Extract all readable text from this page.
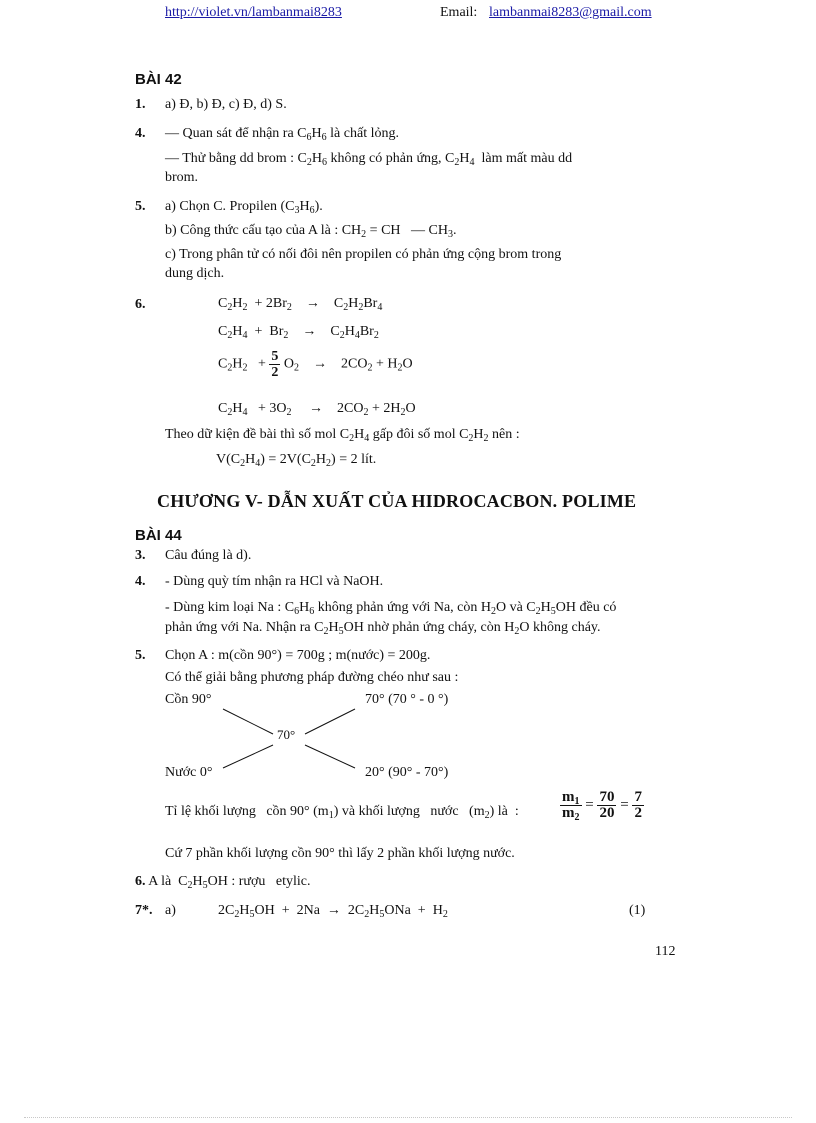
http://violet.vn/lambanmai8283	Email: lambanmai8283@gmail.com
BÀI 42
1. a) Đ, b) Đ, c) Đ, d) S.
4. — Quan sát để nhận ra $C_6H_6$ là chất lỏng.
— Thử bằng dd brom : $C_2H_6$ không có phản ứng, $C_2H_4$  làm mất màu dd
brom.
5. a) Chọn C. Propilen $(C_3H_6)$.
b) Công thức cấu tạo của A là : $CH_2$ = CH   — $CH_3$.
c) Trong phân tử có nối đôi nên propilen có phản ứng cộng brom trong
dung dịch.
6.	$C_2H_2 + 2Br_2$    →    $C_2H_2Br_4$
$C_2H_4 + Br_2$    →    $C_2H_4Br_2$
$C_2H_2 + \frac{5}{2} O_2$    →    $2CO_2 + H_2O$
$C_2H_4 + 3O_2$     →    $2CO_2 + 2H_2O$
Theo dữ kiện đề bài thì số mol $C_2H_4$ gấp đôi số mol $C_2H_2$ nên :
$V(C_2H_4) = 2V(C_2H_2) = 2$ lít.
CHƯƠNG V- DẪN XUẤT CỦA HIDROCACBON. POLIME
BÀI 44
3. Câu đúng là d).
4. - Dùng quỳ tím nhận ra HCl và NaOH.
- Dùng kim loại Na : $C_6H_6$ không phản ứng với Na, còn $H_2O$ và $C_2H_5OH$ đều có
phản ứng với Na. Nhận ra $C_2H_5OH$ nhờ phản ứng cháy, còn $H_2O$ không cháy.
5. Chọn A : m(cồn 90°) = 700g ; m(nước) = 200g.
Có thể giải bằng phương pháp đường chéo như sau :
Cồn 90°	70° (70 ° - 0 °)
70°
Nước 0°	20° (90° - 70°)
Tỉ lệ khối lượng   cồn 90° $(m_1)$ và khối lượng   nước   $(m_2)$ là  :	$\frac{m_1}{m_2} = \frac{70}{20} = \frac{7}{2}$
Cứ 7 phần khối lượng cồn 90° thì lấy 2 phần khối lượng nước.
6. A là  $C_2H_5OH$ : rượu   etylic.
7*. a)	$2C_2H_5OH + 2Na \to 2C_2H_5ONa + H_2$	(1)
112
